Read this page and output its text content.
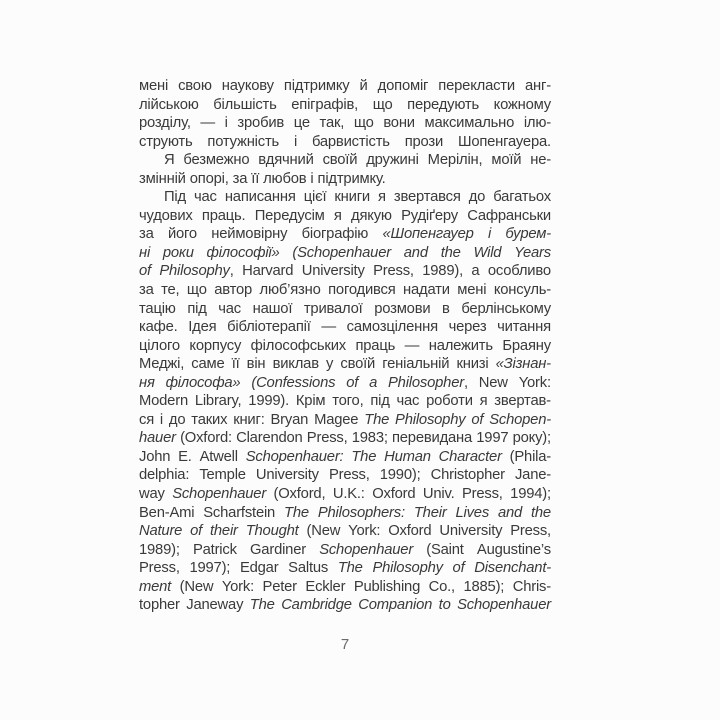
мені свою наукову підтримку й допоміг перекласти анг-
лійською більшість епіграфів, що передують кожному
розділу, — і зробив це так, що вони максимально ілю-
струють потужність і барвистість прози Шопенгауера.
Я безмежно вдячний своїй дружині Мерілін, моїй не-
змінній опорі, за її любов і підтримку.
Під час написання цієї книги я звертався до багатьох
чудових праць. Передусім я дякую Рудіґеру Сафранськи
за його неймовірну біографію «Шопенгауер і бурем-
ні роки філософії» (Schopenhauer and the Wild Years
of Philosophy, Harvard University Press, 1989), а особливо
за те, що автор люб’язно погодився надати мені консуль-
тацію під час нашої тривалої розмови в берлінському
кафе. Ідея бібліотерапії — самозцілення через читання
цілого корпусу філософських праць — належить Браяну
Меджі, саме її він виклав у своїй геніальній книзі «Зізнан-
ня філософа» (Confessions of a Philosopher, New York:
Modern Library, 1999). Крім того, під час роботи я звертав-
ся і до таких книг: Bryan Magee The Philosophy of Schopen-
hauer (Oxford: Clarendon Press, 1983; перевидана 1997 року);
John E. Atwell Schopenhauer: The Human Character (Phila-
delphia: Temple University Press, 1990); Christopher Jane-
way Schopenhauer (Oxford, U.K.: Oxford Univ. Press, 1994);
Ben-Ami Scharfstein The Philosophers: Their Lives and the
Nature of their Thought (New York: Oxford University Press,
1989); Patrick Gardiner Schopenhauer (Saint Augustine’s
Press, 1997); Edgar Saltus The Philosophy of Disenchant-
ment (New York: Peter Eckler Publishing Co., 1885); Chris-
topher Janeway The Cambridge Companion to Schopenhauer
7
